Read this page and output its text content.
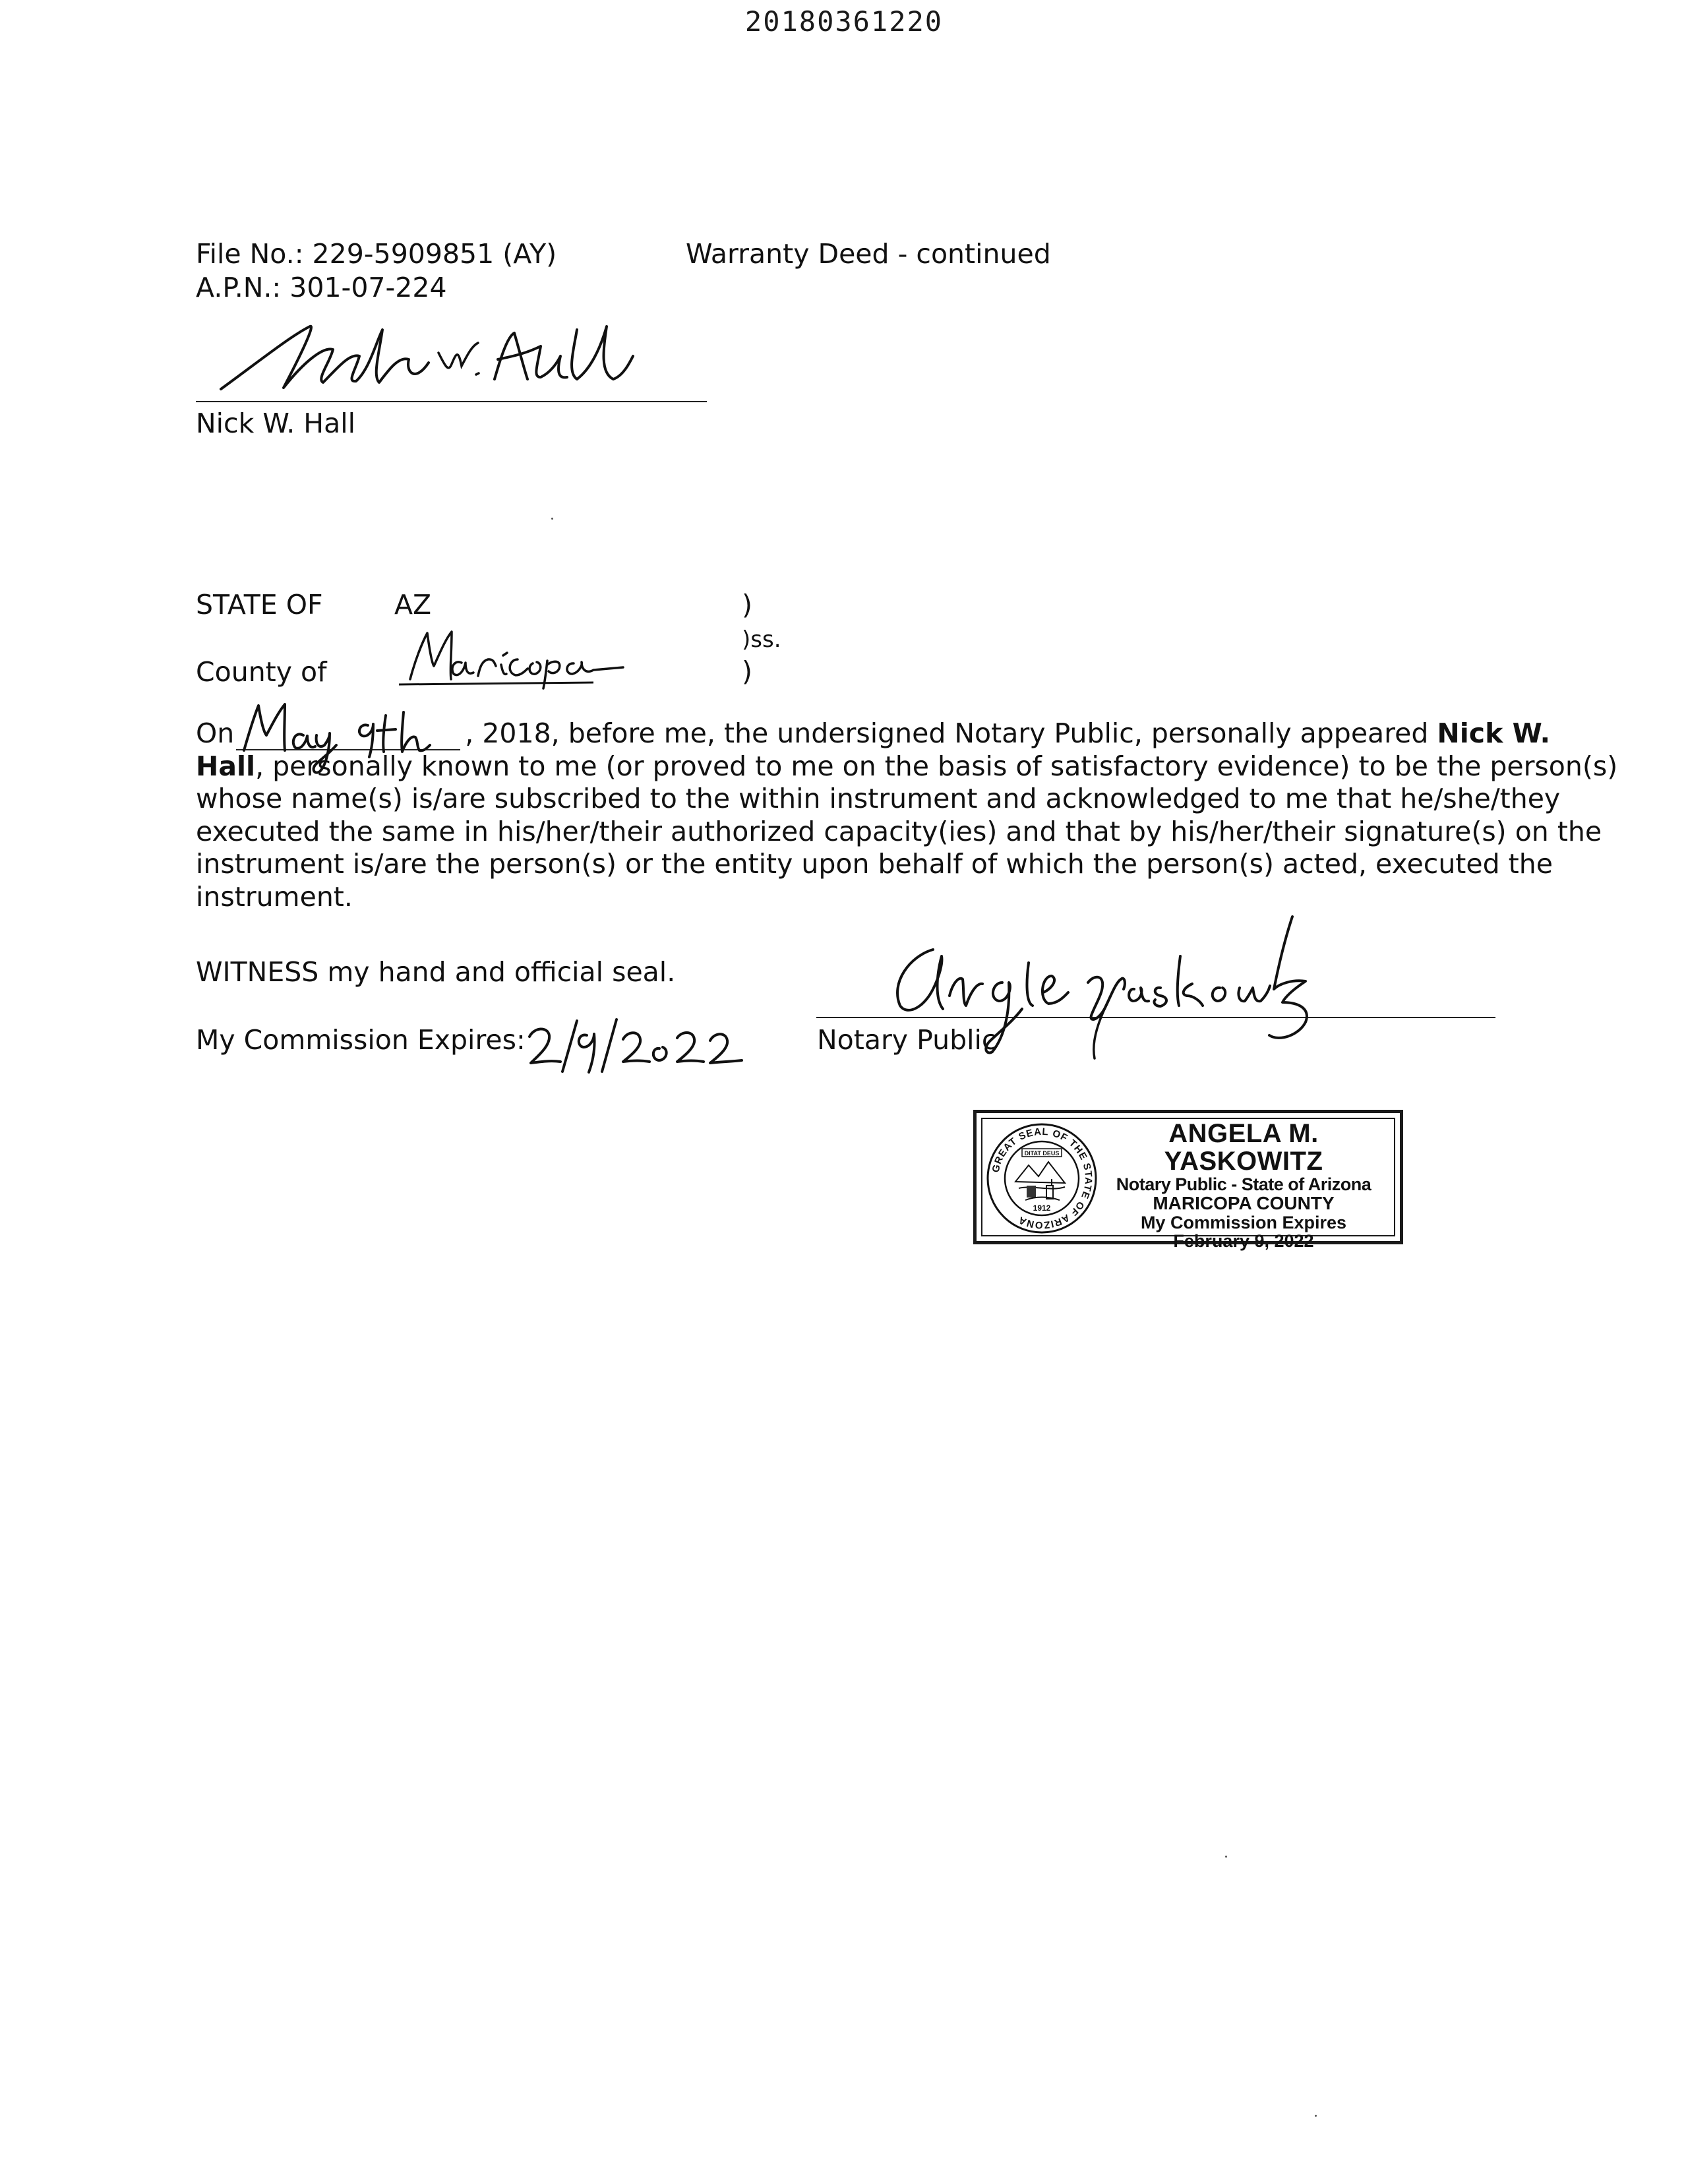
20180361220
File No.: 229-5909851 (AY)
A.P.N.: 301-07-224
Warranty Deed - continued
Nick W. Hall
STATE OF	AZ	)
)ss.
)
County of

On	, 2018, before me, the undersigned Notary Public, personally appeared Nick W.

Hall, personally known to me (or proved to me on the basis of satisfactory evidence) to be the person(s)

whose name(s) is/are subscribed to the within instrument and acknowledged to me that he/she/they

executed the same in his/her/their authorized capacity(ies) and that by his/her/their signature(s) on the

instrument is/are the person(s) or the entity upon behalf of which the person(s) acted, executed the

instrument.

WITNESS my hand and official seal.
My Commission Expires:	Notary Public
GREAT SEAL OF THE STATE OF ARIZONA
DITAT DEUS
1912
ANGELA M. YASKOWITZ
Notary Public - State of Arizona
MARICOPA COUNTY
My Commission Expires
February 9, 2022
